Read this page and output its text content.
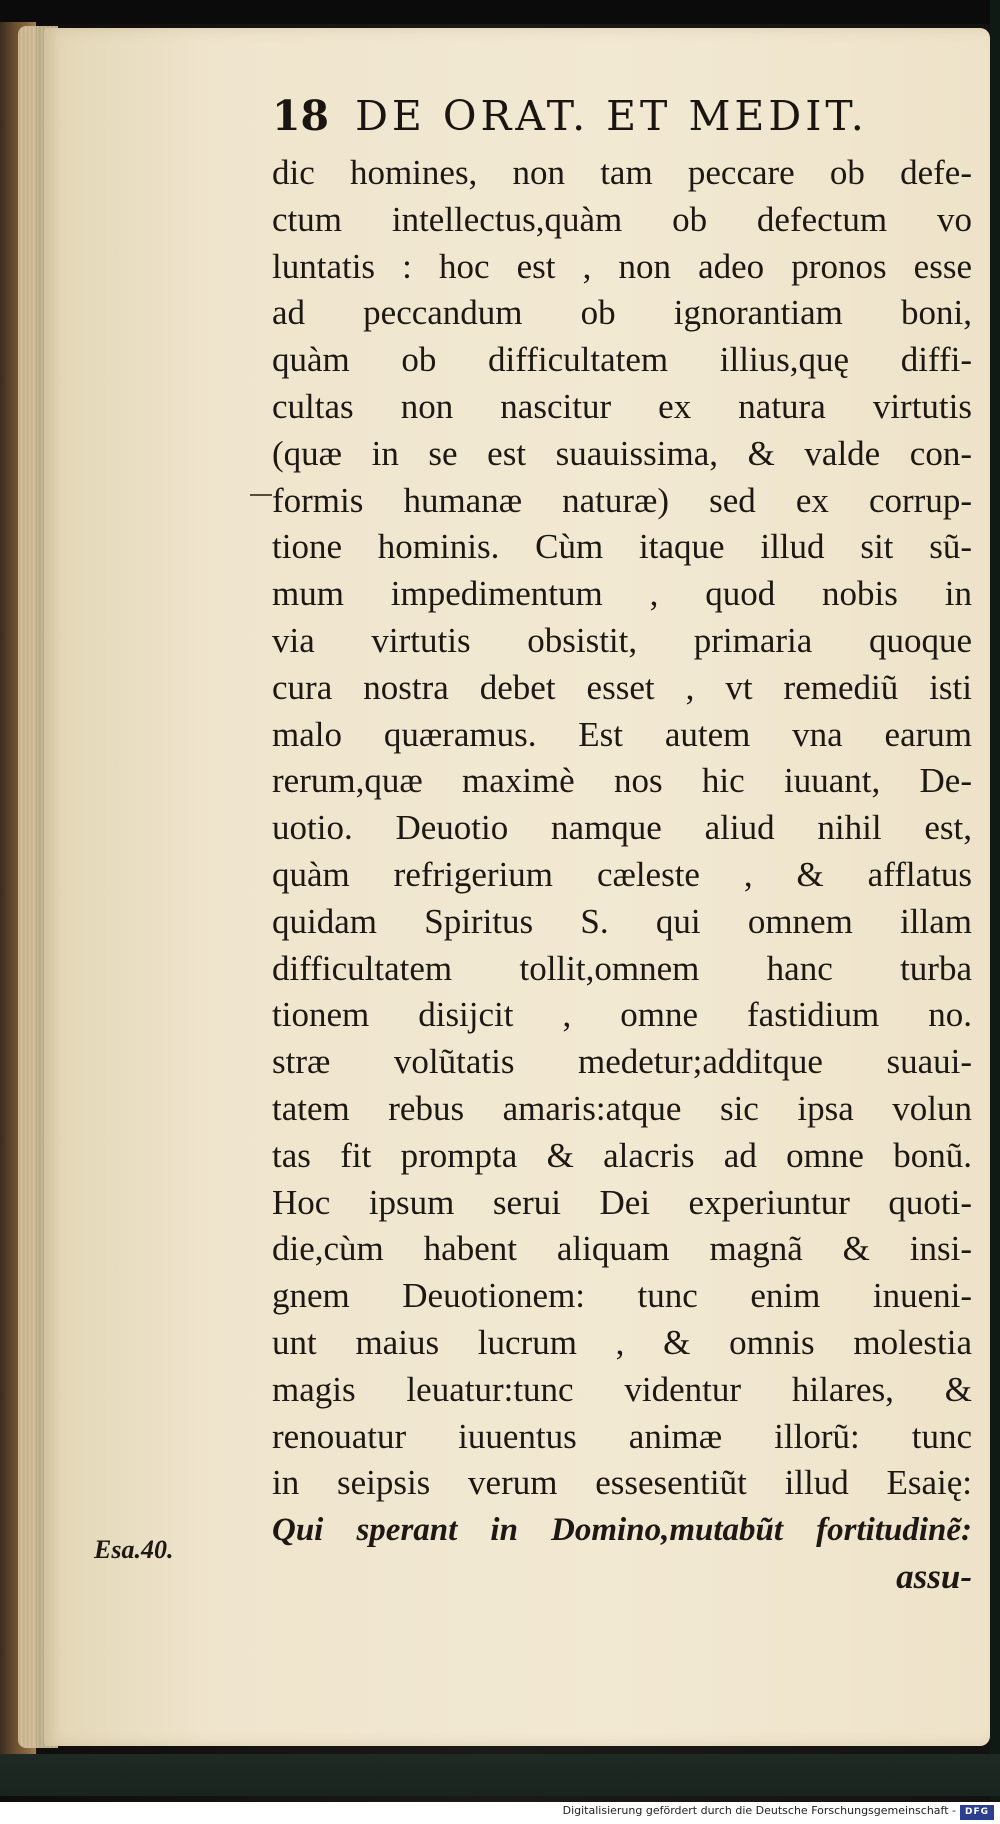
18 DE ORAT. ET MEDIT.
dic homines, non tam peccare ob defe-
ctum intellectus,quàm ob defectum vo
luntatis : hoc est , non adeo pronos esse
ad peccandum ob ignorantiam boni,
quàm ob difficultatem illius,quę diffi-
cultas non nascitur ex natura virtutis
(quæ in se est suauissima, & valde con-
formis humanæ naturæ) sed ex corrup-
tione hominis. Cùm itaque illud sit sũ-
mum impedimentum , quod nobis in
via virtutis obsistit, primaria quoque
cura nostra debet esset , vt remediũ isti
malo quæramus. Est autem vna earum
rerum,quæ maximè nos hic iuuant, De-
uotio. Deuotio namque aliud nihil est,
quàm refrigerium cæleste , & afflatus
quidam Spiritus S. qui omnem illam
difficultatem tollit,omnem hanc turba
tionem disijcit , omne fastidium no.
stræ volũtatis medetur;additque suaui-
tatem rebus amaris:atque sic ipsa volun
tas fit prompta & alacris ad omne bonũ.
Hoc ipsum serui Dei experiuntur quoti-
die,cùm habent aliquam magnã & insi-
gnem Deuotionem: tunc enim inueni-
unt maius lucrum , & omnis molestia
magis leuatur:tunc videntur hilares, &
renouatur iuuentus animæ illorũ: tunc
in seipsis verum essesentiũt illud Esaię:
Qui sperant in Domino,mutabũt fortitudinẽ:
assu-
Esa.40.
Digitalisierung gefördert durch die Deutsche Forschungsgemeinschaft - DFG
